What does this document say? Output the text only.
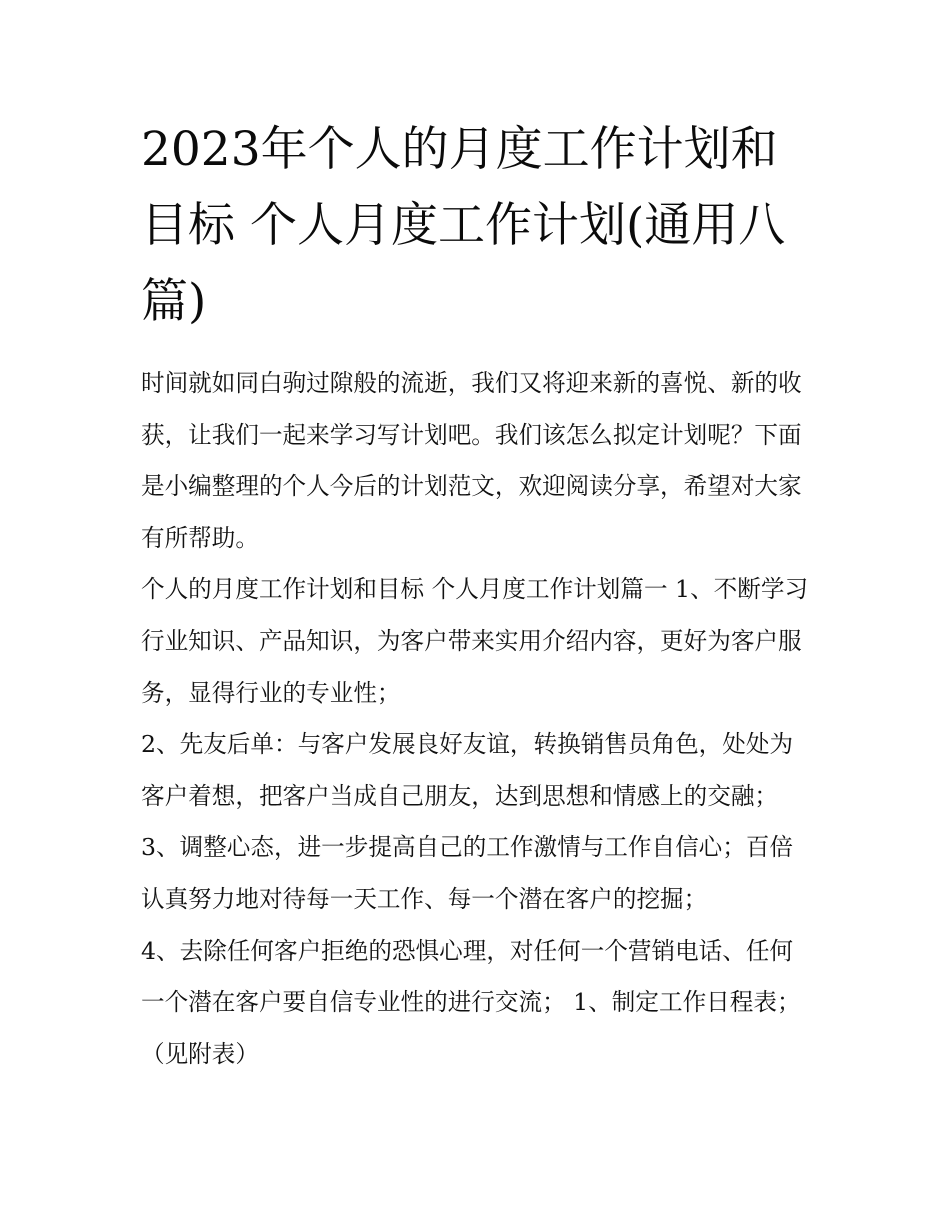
2023年个人的月度工作计划和目标 个人月度工作计划(通用八篇)

时间就如同白驹过隙般的流逝，我们又将迎来新的喜悦、新的收获，让我们一起来学习写计划吧。我们该怎么拟定计划呢？下面是小编整理的个人今后的计划范文，欢迎阅读分享，希望对大家有所帮助。

个人的月度工作计划和目标 个人月度工作计划篇一 1、不断学习行业知识、产品知识，为客户带来实用介绍内容，更好为客户服务，显得行业的专业性；

2、先友后单：与客户发展良好友谊，转换销售员角色，处处为客户着想，把客户当成自己朋友，达到思想和情感上的交融；

3、调整心态，进一步提高自己的工作激情与工作自信心；百倍认真努力地对待每一天工作、每一个潜在客户的挖掘；

4、去除任何客户拒绝的恐惧心理，对任何一个营销电话、任何一个潜在客户要自信专业性的进行交流； 1、制定工作日程表；（见附表）
